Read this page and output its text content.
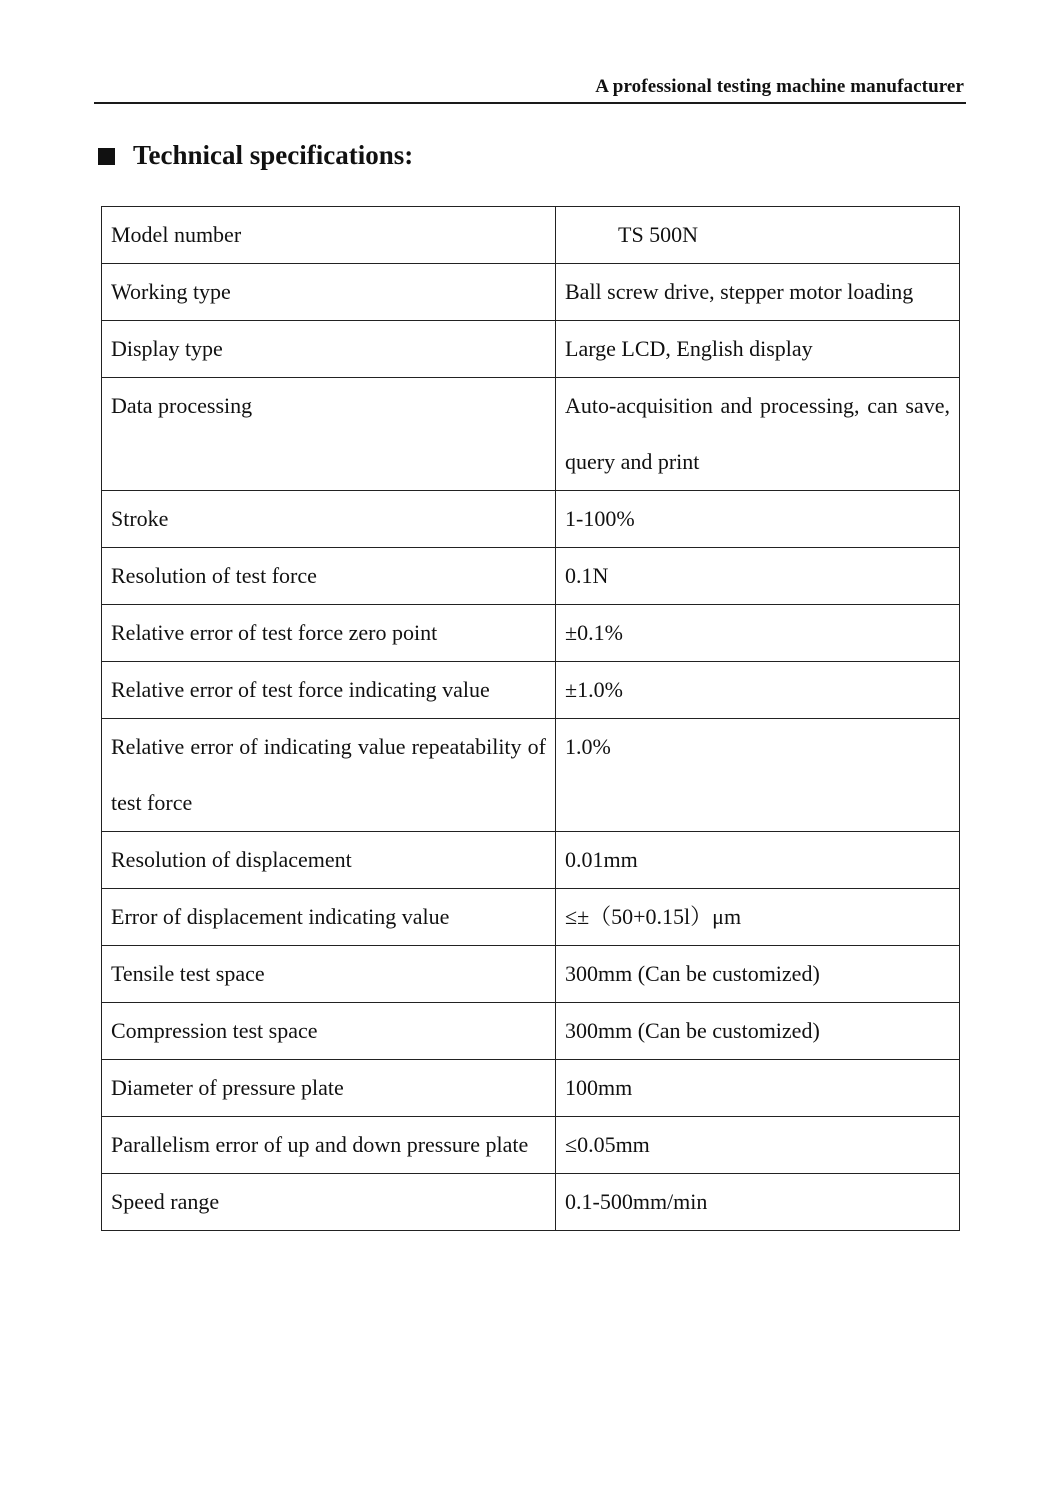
A professional testing machine manufacturer
Technical specifications:
Model number	TS 500N
Working type	Ball screw drive, stepper motor loading
Display type	Large LCD, English display
Data processing	Auto-acquisition and processing, can save, query and print
Stroke	1-100%
Resolution of test force	0.1N
Relative error of test force zero point	±0.1%
Relative error of test force indicating value	±1.0%
Relative error of indicating value repeatability of test force	1.0%
Resolution of displacement	0.01mm
Error of displacement indicating value	≤±（50+0.15l）μm
Tensile test space	300mm (Can be customized)
Compression test space	300mm (Can be customized)
Diameter of pressure plate	100mm
Parallelism error of up and down pressure plate	≤0.05mm
Speed range	0.1-500mm/min
